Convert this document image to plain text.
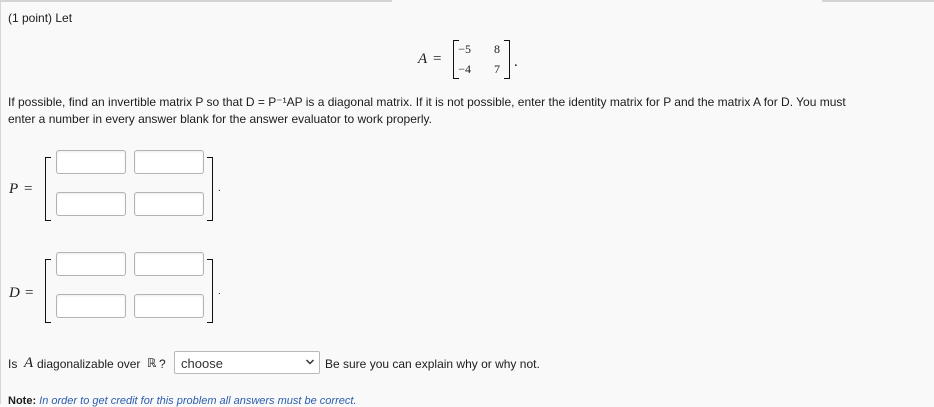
(1 point) Let
A =
−5	8
−4	7 .
If possible, find an invertible matrix P so that D = P⁻¹AP is a diagonal matrix. If it is not possible, enter the identity matrix for P and the matrix A for D. You must
enter a number in every answer blank for the answer evaluator to work properly.
P =	.
D =	.
Is A diagonalizable over ℝ ? choose	Be sure you can explain why or why not.
Note: In order to get credit for this problem all answers must be correct.
